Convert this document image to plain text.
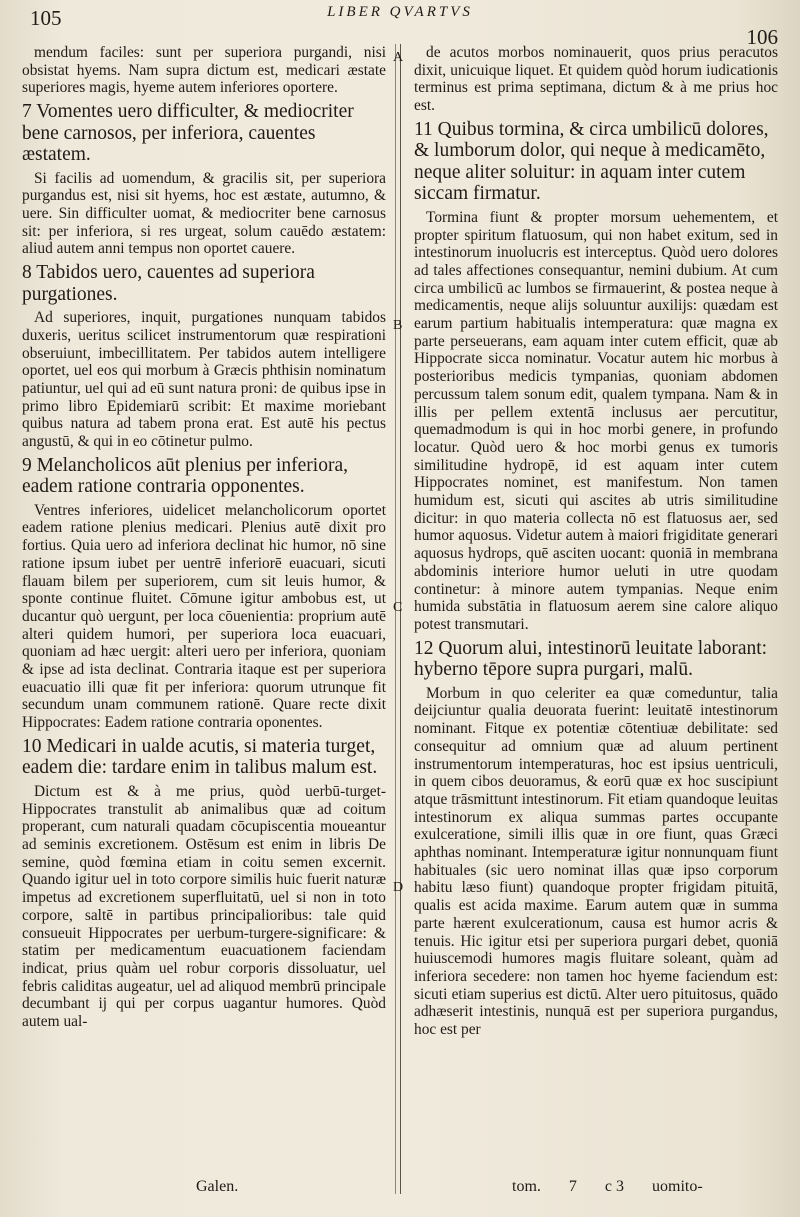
105	LIBER QVARTVS
106
A
B
C
D

mendum faciles: sunt per superiora purgandi, nisi obsistat hyems. Nam supra dictum est, medicari æstate superiores magis, hyeme autem inferiores oportere.

7 Vomentes uero difficulter, & mediocriter bene carnosos, per inferiora, cauentes æstatem.

Si facilis ad uomendum, & gracilis sit, per superiora purgandus est, nisi sit hyems, hoc est æstate, autumno, & uere. Sin difficulter uomat, & mediocriter bene carnosus sit: per inferiora, si res urgeat, solum cauēdo æstatem: aliud autem anni tempus non oportet cauere.

8 Tabidos uero, cauentes ad superiora purgationes.

Ad superiores, inquit, purgationes nunquam tabidos duxeris, ueritus scilicet instrumentorum quæ respirationi obseruiunt, imbecillitatem. Per tabidos autem intelligere oportet, uel eos qui morbum à Græcis phthisin nominatum patiuntur, uel qui ad eū sunt natura proni: de quibus ipse in primo libro Epidemiarū scribit: Et maxime moriebant quibus natura ad tabem prona erat. Est autē his pectus angustū, & qui in eo cōtinetur pulmo.

9 Melancholicos aūt plenius per inferiora, eadem ratione contraria opponentes.

Ventres inferiores, uidelicet melancholicorum oportet eadem ratione plenius medicari. Plenius autē dixit pro fortius. Quia uero ad inferiora declinat hic humor, nō sine ratione ipsum iubet per uentrē inferiorē euacuari, sicuti flauam bilem per superiorem, cum sit leuis humor, & sponte continue fluitet. Cōmune igitur ambobus est, ut ducantur quò uergunt, per loca cōuenientia: proprium autē alteri quidem humori, per superiora loca euacuari, quoniam ad hæc uergit: alteri uero per inferiora, quoniam & ipse ad ista declinat. Contraria itaque est per superiora euacuatio illi quæ fit per inferiora: quorum utrunque fit secundum unam communem rationē. Quare recte dixit Hippocrates: Eadem ratione contraria oponentes.

10 Medicari in ualde acutis, si materia turget, eadem die: tardare enim in talibus malum est.

Dictum est & à me prius, quòd uerbū-turget- Hippocrates transtulit ab animalibus quæ ad coitum properant, cum naturali quadam cōcupiscentia moueantur ad seminis excretionem. Ostēsum est enim in libris De semine, quòd fœmina etiam in coitu semen excernit. Quando igitur uel in toto corpore similis huic fuerit naturæ impetus ad excretionem superfluitatū, uel si non in toto corpore, saltē in partibus principalioribus: tale quid consueuit Hippocrates per uerbum-turgere-significare: & statim per medicamentum euacuationem faciendam indicat, prius quàm uel robur corporis dissoluatur, uel febris caliditas augeatur, uel ad aliquod membrū principale decumbant ij qui per corpus uagantur humores. Quòd autem ual-

de acutos morbos nominauerit, quos prius peracutos dixit, unicuique liquet. Et quidem quòd horum iudicationis terminus est prima septimana, dictum & à me prius hoc est.

11 Quibus tormina, & circa umbilicū dolores, & lumborum dolor, qui neque à medicamēto, neque aliter soluitur: in aquam inter cutem siccam firmatur.

Tormina fiunt & propter morsum uehementem, et propter spiritum flatuosum, qui non habet exitum, sed in intestinorum inuolucris est interceptus. Quòd uero dolores ad tales affectiones consequantur, nemini dubium. At cum circa umbilicū ac lumbos se firmauerint, & postea neque à medicamentis, neque alijs soluuntur auxilijs: quædam est earum partium habitualis intemperatura: quæ magna ex parte perseuerans, eam aquam inter cutem efficit, quæ ab Hippocrate sicca nominatur. Vocatur autem hic morbus à posterioribus medicis tympanias, quoniam abdomen percussum talem sonum edit, qualem tympana. Nam & in illis per pellem extentā inclusus aer percutitur, quemadmodum is qui in hoc morbi genere, in profundo locatur. Quòd uero & hoc morbi genus ex tumoris similitudine hydropē, id est aquam inter cutem Hippocrates nominet, est manifestum. Non tamen humidum est, sicuti qui ascites ab utris similitudine dicitur: in quo materia collecta nō est flatuosus aer, sed humor aquosus. Videtur autem à maiori frigiditate generari aquosus hydrops, quē asciten uocant: quoniā in membrana abdominis interiore humor ueluti in utre quodam continetur: à minore autem tympanias. Neque enim humida substātia in flatuosum aerem sine calore aliquo potest transmutari.

12 Quorum alui, intestinorū leuitate laborant: hyberno tēpore supra purgari, malū.

Morbum in quo celeriter ea quæ comeduntur, talia deijciuntur qualia deuorata fuerint: leuitatē intestinorum nominant. Fitque ex potentiæ cōtentiuæ debilitate: sed consequitur ad omnium quæ ad aluum pertinent instrumentorum intemperaturas, hoc est ipsius uentriculi, in quem cibos deuoramus, & eorū quæ ex hoc suscipiunt atque trāsmittunt intestinorum. Fit etiam quandoque leuitas intestinorum ex aliqua summas partes occupante exulceratione, simili illis quæ in ore fiunt, quas Græci aphthas nominant. Intemperaturæ igitur nonnunquam fiunt habituales (sic uero nominat illas quæ ipso corporum habitu læso fiunt) quandoque propter frigidam pituitā, qualis est acida maxime. Earum autem quæ in summa parte hærent exulcerationum, causa est humor acris & tenuis. Hic igitur etsi per superiora purgari debet, quoniā huiuscemodi humores magis fluitare soleant, quàm ad inferiora secedere: non tamen hoc hyeme faciendum est: sicuti etiam superius est dictū. Alter uero pituitosus, quādo adhæserit intestinis, nunquā est per superiora purgandus, hoc est per

Galen.	tom. 7 c 3 uomito-
